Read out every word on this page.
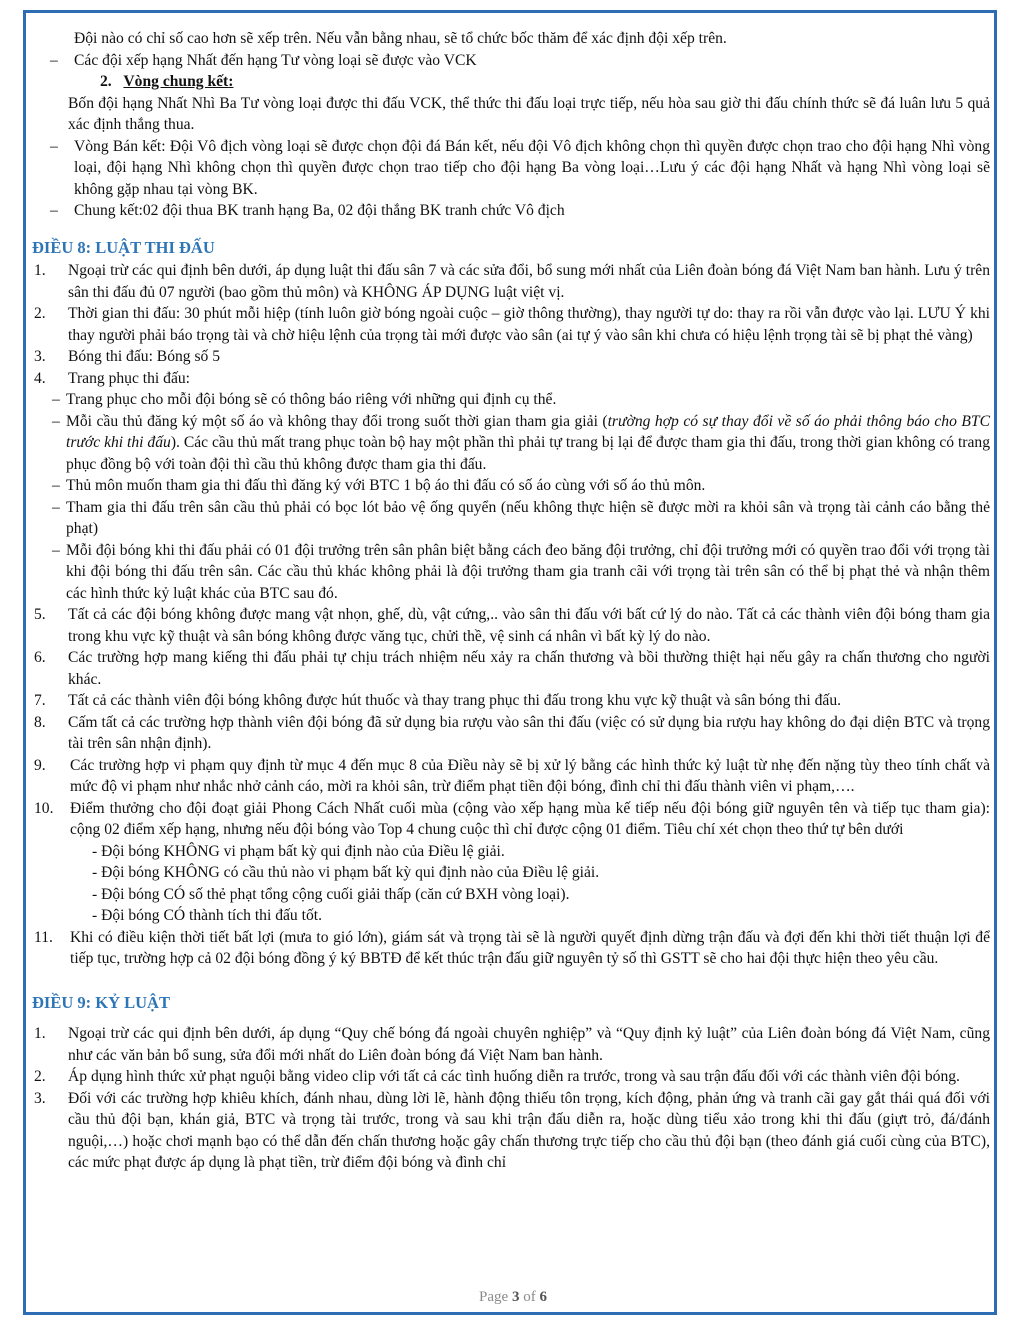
Đội nào có chỉ số cao hơn sẽ xếp trên. Nếu vẫn bằng nhau, sẽ tổ chức bốc thăm để xác định đội xếp trên.

– Các đội xếp hạng Nhất đến hạng Tư vòng loại sẽ được vào VCK

2. Vòng chung kết:

Bốn đội hạng Nhất Nhì Ba Tư vòng loại được thi đấu VCK, thể thức thi đấu loại trực tiếp, nếu hòa sau giờ thi đấu chính thức sẽ đá luân lưu 5 quả xác định thắng thua.

– Vòng Bán kết: Đội Vô địch vòng loại sẽ được chọn đội đá Bán kết, nếu đội Vô địch không chọn thì quyền được chọn trao cho đội hạng Nhì vòng loại, đội hạng Nhì không chọn thì quyền được chọn trao tiếp cho đội hạng Ba vòng loại…Lưu ý các đội hạng Nhất và hạng Nhì vòng loại sẽ không gặp nhau tại vòng BK.

– Chung kết:02 đội thua BK tranh hạng Ba, 02 đội thắng BK tranh chức Vô địch

ĐIỀU 8: LUẬT THI ĐẤU

1. Ngoại trừ các qui định bên dưới, áp dụng luật thi đấu sân 7 và các sửa đổi, bổ sung mới nhất của Liên đoàn bóng đá Việt Nam ban hành. Lưu ý trên sân thi đấu đủ 07 người (bao gồm thủ môn) và KHÔNG ÁP DỤNG luật việt vị.

2. Thời gian thi đấu: 30 phút mỗi hiệp (tính luôn giờ bóng ngoài cuộc – giờ thông thường), thay người tự do: thay ra rồi vẫn được vào lại. LƯU Ý khi thay người phải báo trọng tài và chờ hiệu lệnh của trọng tài mới được vào sân (ai tự ý vào sân khi chưa có hiệu lệnh trọng tài sẽ bị phạt thẻ vàng)

3. Bóng thi đấu: Bóng số 5

4. Trang phục thi đấu:

– Trang phục cho mỗi đội bóng sẽ có thông báo riêng với những qui định cụ thể.

– Mỗi cầu thủ đăng ký một số áo và không thay đổi trong suốt thời gian tham gia giải (trường hợp có sự thay đổi về số áo phải thông báo cho BTC trước khi thi đấu). Các cầu thủ mất trang phục toàn bộ hay một phần thì phải tự trang bị lại để được tham gia thi đấu, trong thời gian không có trang phục đồng bộ với toàn đội thì cầu thủ không được tham gia thi đấu.

– Thủ môn muốn tham gia thi đấu thì đăng ký với BTC 1 bộ áo thi đấu có số áo cùng với số áo thủ môn.

– Tham gia thi đấu trên sân cầu thủ phải có bọc lót bảo vệ ống quyển (nếu không thực hiện sẽ được mời ra khỏi sân và trọng tài cảnh cáo bằng thẻ phạt)

– Mỗi đội bóng khi thi đấu phải có 01 đội trưởng trên sân phân biệt bằng cách đeo băng đội trưởng, chỉ đội trưởng mới có quyền trao đổi với trọng tài khi đội bóng thi đấu trên sân. Các cầu thủ khác không phải là đội trưởng tham gia tranh cãi với trọng tài trên sân có thể bị phạt thẻ và nhận thêm các hình thức kỷ luật khác của BTC sau đó.

5. Tất cả các đội bóng không được mang vật nhọn, ghế, dù, vật cứng,.. vào sân thi đấu với bất cứ lý do nào. Tất cả các thành viên đội bóng tham gia trong khu vực kỹ thuật và sân bóng không được văng tục, chửi thề, vệ sinh cá nhân vì bất kỳ lý do nào.

6. Các trường hợp mang kiếng thi đấu phải tự chịu trách nhiệm nếu xảy ra chấn thương và bồi thường thiệt hại nếu gây ra chấn thương cho người khác.

7. Tất cả các thành viên đội bóng không được hút thuốc và thay trang phục thi đấu trong khu vực kỹ thuật và sân bóng thi đấu.

8. Cấm tất cả các trường hợp thành viên đội bóng đã sử dụng bia rượu vào sân thi đấu (việc có sử dụng bia rượu hay không do đại diện BTC và trọng tài trên sân nhận định).

9. Các trường hợp vi phạm quy định từ mục 4 đến mục 8 của Điều này sẽ bị xử lý bằng các hình thức kỷ luật từ nhẹ đến nặng tùy theo tính chất và mức độ vi phạm như nhắc nhở cảnh cáo, mời ra khỏi sân, trừ điểm phạt tiền đội bóng, đình chỉ thi đấu thành viên vi phạm,….

10. Điểm thưởng cho đội đoạt giải Phong Cách Nhất cuối mùa (cộng vào xếp hạng mùa kế tiếp nếu đội bóng giữ nguyên tên và tiếp tục tham gia): cộng 02 điểm xếp hạng, nhưng nếu đội bóng vào Top 4 chung cuộc thì chỉ được cộng 01 điểm. Tiêu chí xét chọn theo thứ tự bên dưới

- Đội bóng KHÔNG vi phạm bất kỳ qui định nào của Điều lệ giải.

- Đội bóng KHÔNG có cầu thủ nào vi phạm bất kỳ qui định nào của Điều lệ giải.

- Đội bóng CÓ số thẻ phạt tổng cộng cuối giải thấp (căn cứ BXH vòng loại).

- Đội bóng CÓ thành tích thi đấu tốt.

11. Khi có điều kiện thời tiết bất lợi (mưa to gió lớn), giám sát và trọng tài sẽ là người quyết định dừng trận đấu và đợi đến khi thời tiết thuận lợi để tiếp tục, trường hợp cả 02 đội bóng đồng ý ký BBTĐ để kết thúc trận đấu giữ nguyên tỷ số thì GSTT sẽ cho hai đội thực hiện theo yêu cầu.

ĐIỀU 9: KỶ LUẬT

1. Ngoại trừ các qui định bên dưới, áp dụng “Quy chế bóng đá ngoài chuyên nghiệp” và “Quy định kỷ luật” của Liên đoàn bóng đá Việt Nam, cũng như các văn bản bổ sung, sửa đổi mới nhất do Liên đoàn bóng đá Việt Nam ban hành.

2. Áp dụng hình thức xử phạt nguội bằng video clip với tất cả các tình huống diễn ra trước, trong và sau trận đấu đối với các thành viên đội bóng.

3. Đối với các trường hợp khiêu khích, đánh nhau, dùng lời lẽ, hành động thiếu tôn trọng, kích động, phản ứng và tranh cãi gay gắt thái quá đối với cầu thủ đội bạn, khán giả, BTC và trọng tài trước, trong và sau khi trận đấu diễn ra, hoặc dùng tiểu xảo trong khi thi đấu (giựt trỏ, đá/đánh nguội,…) hoặc chơi mạnh bạo có thể dẫn đến chấn thương hoặc gây chấn thương trực tiếp cho cầu thủ đội bạn (theo đánh giá cuối cùng của BTC), các mức phạt được áp dụng là phạt tiền, trừ điểm đội bóng và đình chỉ

Page 3 of 6
